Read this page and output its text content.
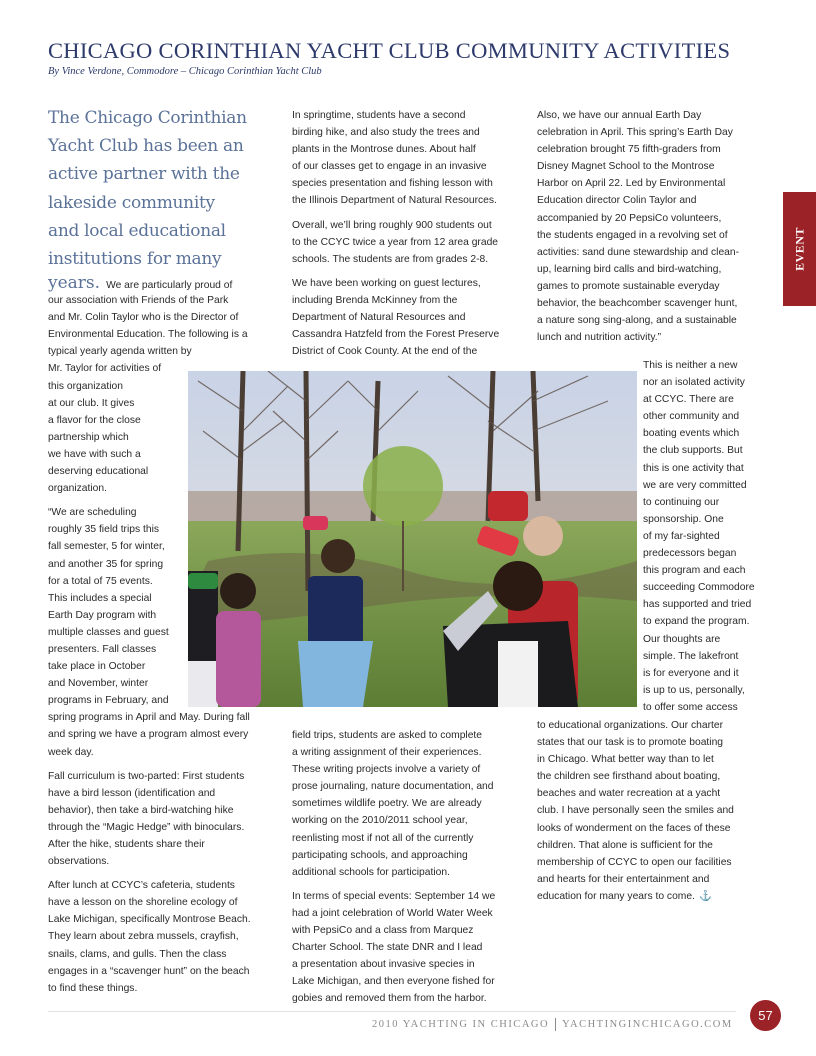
CHICAGO CORINTHIAN YACHT CLUB COMMUNITY ACTIVITIES
By Vince Verdone, Commodore – Chicago Corinthian Yacht Club
EVENT
The Chicago Corinthian
Yacht Club has been an
active partner with the
lakeside community
and local educational
institutions for many
years. We are particularly proud of
our association with Friends of the Park
and Mr. Colin Taylor who is the Director of
Environmental Education. The following is a
typical yearly agenda written by
Mr. Taylor for activities of
this organization
at our club. It gives
a flavor for the close
partnership which
we have with such a
deserving educational
organization.
“We are scheduling
roughly 35 field trips this
fall semester, 5 for winter,
and another 35 for spring
for a total of 75 events.
This includes a special
Earth Day program with
multiple classes and guest
presenters. Fall classes
take place in October
and November, winter
programs in February, and
spring programs in April and May. During fall
and spring we have a program almost every
week day.
Fall curriculum is two-parted: First students
have a bird lesson (identification and
behavior), then take a bird-watching hike
through the “Magic Hedge” with binoculars.
After the hike, students share their
observations.
After lunch at CCYC’s cafeteria, students
have a lesson on the shoreline ecology of
Lake Michigan, specifically Montrose Beach.
They learn about zebra mussels, crayfish,
snails, clams, and gulls. Then the class
engages in a “scavenger hunt” on the beach
to find these things.
In springtime, students have a second
birding hike, and also study the trees and
plants in the Montrose dunes. About half
of our classes get to engage in an invasive
species presentation and fishing lesson with
the Illinois Department of Natural Resources.
Overall, we’ll bring roughly 900 students out
to the CCYC twice a year from 12 area grade
schools. The students are from grades 2-8.
We have been working on guest lectures,
including Brenda McKinney from the
Department of Natural Resources and
Cassandra Hatzfeld from the Forest Preserve
District of Cook County. At the end of the
field trips, students are asked to complete
a writing assignment of their experiences.
These writing projects involve a variety of
prose journaling, nature documentation, and
sometimes wildlife poetry. We are already
working on the 2010/2011 school year,
reenlisting most if not all of the currently
participating schools, and approaching
additional schools for participation.
In terms of special events: September 14 we
had a joint celebration of World Water Week
with PepsiCo and a class from Marquez
Charter School. The state DNR and I lead
a presentation about invasive species in
Lake Michigan, and then everyone fished for
gobies and removed them from the harbor.
Also, we have our annual Earth Day
celebration in April. This spring’s Earth Day
celebration brought 75 fifth-graders from
Disney Magnet School to the Montrose
Harbor on April 22. Led by Environmental
Education director Colin Taylor and
accompanied by 20 PepsiCo volunteers,
the students engaged in a revolving set of
activities: sand dune stewardship and clean-
up, learning bird calls and bird-watching,
games to promote sustainable everyday
behavior, the beachcomber scavenger hunt,
a nature song sing-along, and a sustainable
lunch and nutrition activity.”
This is neither a new
nor an isolated activity
at CCYC. There are
other community and
boating events which
the club supports. But
this is one activity that
we are very committed
to continuing our
sponsorship. One
of my far-sighted
predecessors began
this program and each
succeeding Commodore
has supported and tried
to expand the program.
Our thoughts are
simple. The lakefront
is for everyone and it
is up to us, personally,
to offer some access
to educational organizations. Our charter
states that our task is to promote boating
in Chicago. What better way than to let
the children see firsthand about boating,
beaches and water recreation at a yacht
club. I have personally seen the smiles and
looks of wonderment on the faces of these
children. That alone is sufficient for the
membership of CCYC to open our facilities
and hearts for their entertainment and
education for many years to come. ⚓
2010 YACHTING IN CHICAGO YACHTINGINCHICAGO.COM
57
